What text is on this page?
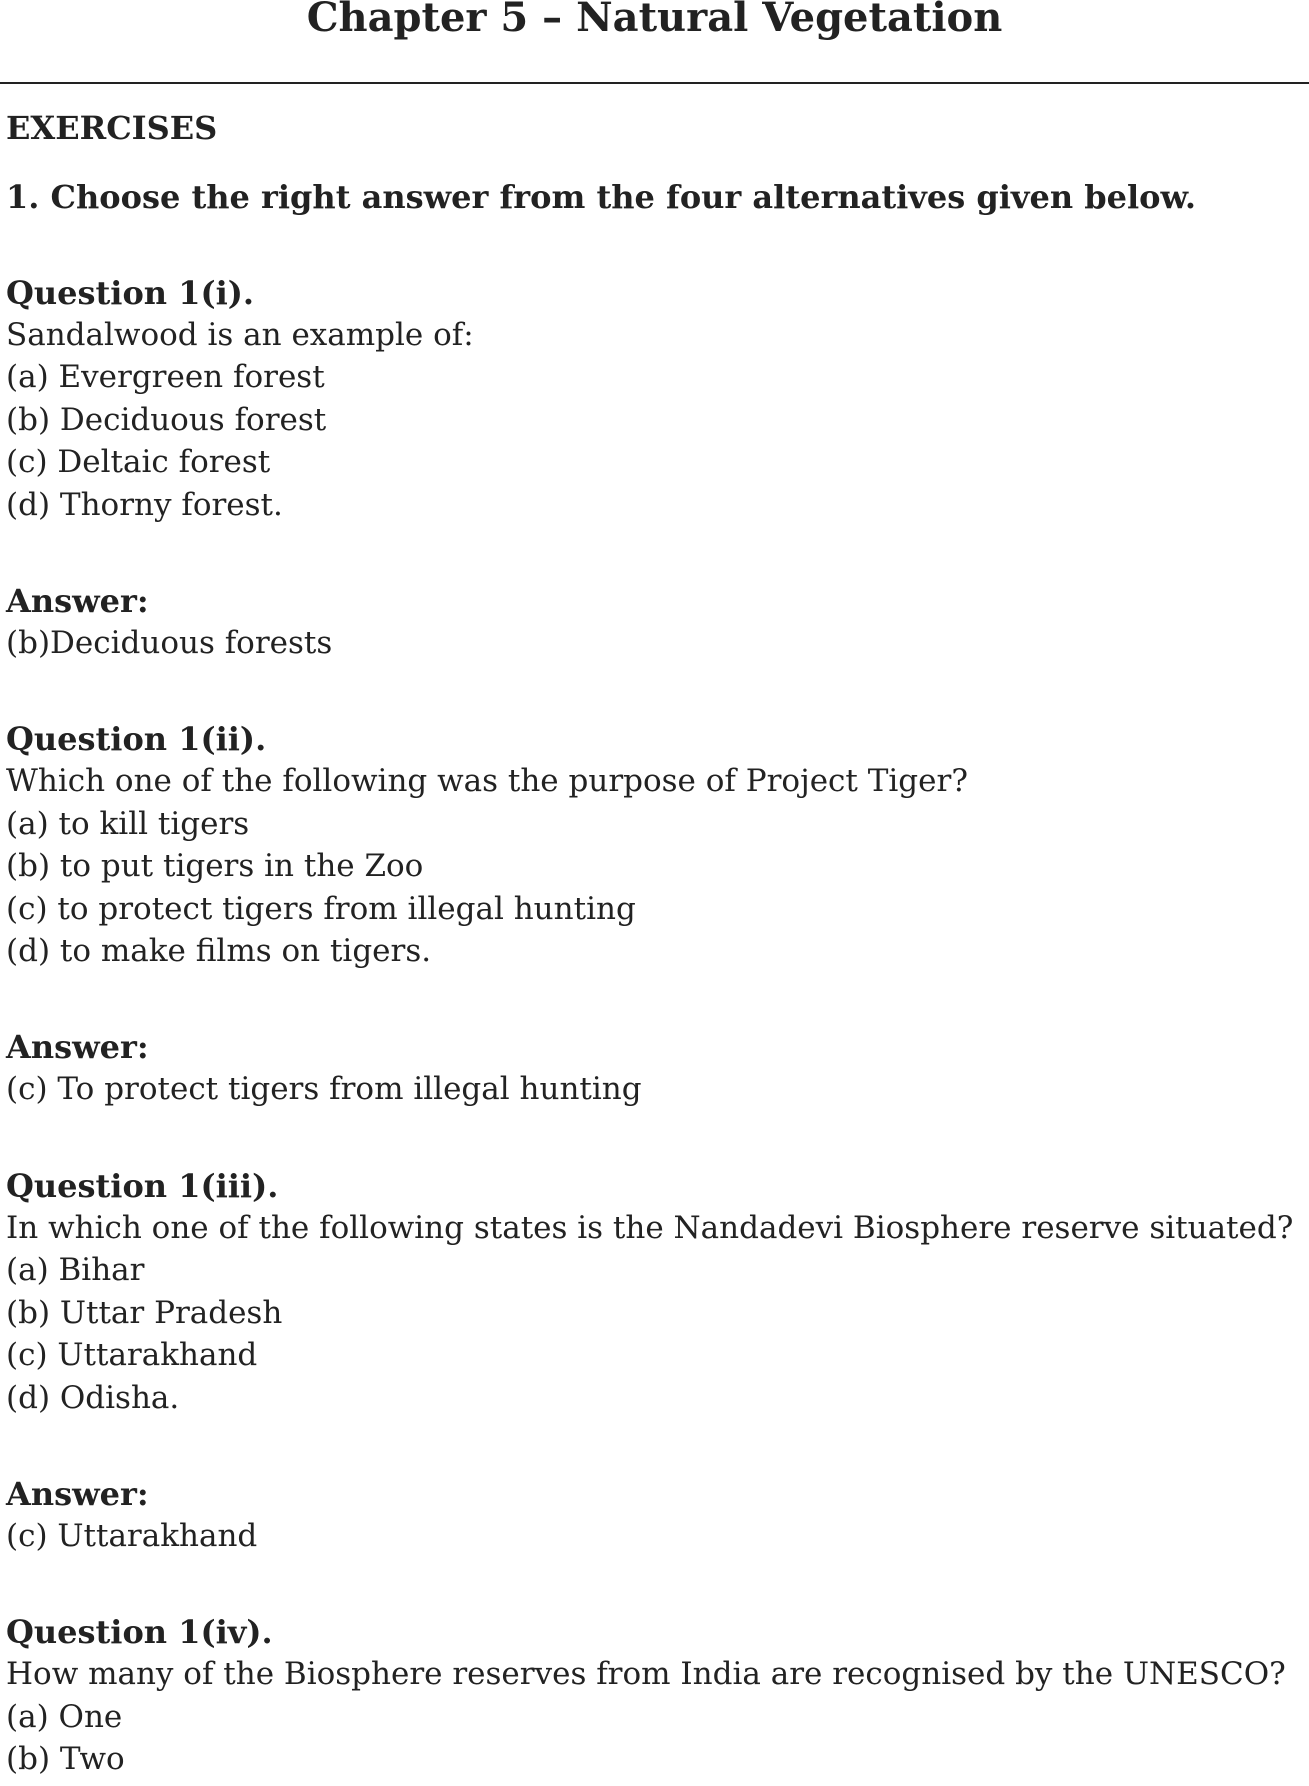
Chapter 5 – Natural Vegetation
EXERCISES
1. Choose the right answer from the four alternatives given below.
Question 1(i).
Sandalwood is an example of:
(a) Evergreen forest
(b) Deciduous forest
(c) Deltaic forest
(d) Thorny forest.
Answer:
(b)Deciduous forests
Question 1(ii).
Which one of the following was the purpose of Project Tiger?
(a) to kill tigers
(b) to put tigers in the Zoo
(c) to protect tigers from illegal hunting
(d) to make films on tigers.
Answer:
(c) To protect tigers from illegal hunting
Question 1(iii).
In which one of the following states is the Nandadevi Biosphere reserve situated?
(a) Bihar
(b) Uttar Pradesh
(c) Uttarakhand
(d) Odisha.
Answer:
(c) Uttarakhand
Question 1(iv).
How many of the Biosphere reserves from India are recognised by the UNESCO?
(a) One
(b) Two
